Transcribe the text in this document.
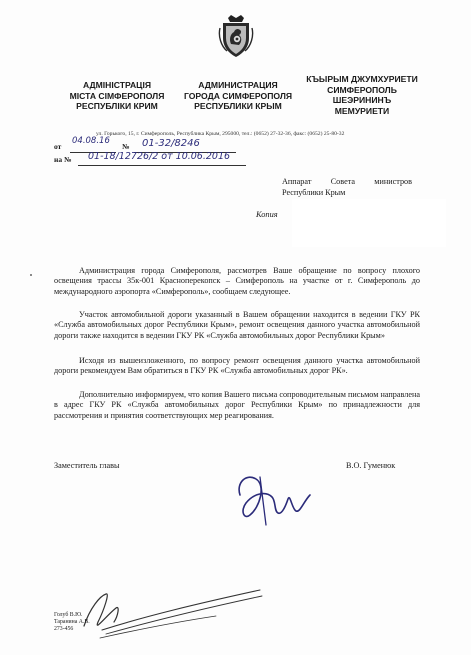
АДМІНІСТРАЦІЯ
МІСТА СІМФЕРОПОЛЯ
РЕСПУБЛІКИ КРИМ
АДМИНИСТРАЦИЯ
ГОРОДА СИМФЕРОПОЛЯ
РЕСПУБЛИКИ КРЫМ
КЪЫРЫМ ДЖУМХУРИЕТИ
СИМФЕРОПОЛЬ
ШЕЭРИНИНЪ
МЕМУРИЕТИ
ул. Горького, 15, г. Симферополь, Республика Крым, 295000, тел.: (0652) 27-32-36, факс: (0652) 25-80-32
от
04.08.16
№ 01-32/8246
на № 01-18/12726/2 от 10.06.2016
Аппарат Совета министров
Республики Крым
Копия

Администрация города Симферополя, рассмотрев Ваше обращение по вопросу плохого освещения трассы 35к-001 Красноперекопск – Симферополь на участке от г. Симферополь до международного аэропорта «Симферополь», сообщаем следующее.

Участок автомобильной дороги указанный в Вашем обращении находится в ведении ГКУ РК «Служба автомобильных дорог Республики Крым», ремонт освещения данного участка автомобильной дороги также находится в ведении ГКУ РК «Служба автомобильных дорог Республики Крым»

Исходя из вышеизложенного, по вопросу ремонт освещения данного участка автомобильной дороги рекомендуем Вам обратиться в ГКУ РК «Служба автомобильных дорог РК».

Дополнительно информируем, что копия Вашего письма сопроводительным письмом направлена в адрес ГКУ РК «Служба автомобильных дорог Республики Крым» по принадлежности для рассмотрения и принятия соответствующих мер реагирования.

Заместитель главы	В.О. Гуменюк
Голуб В.Ю.
Таранина А.В.
273-456
